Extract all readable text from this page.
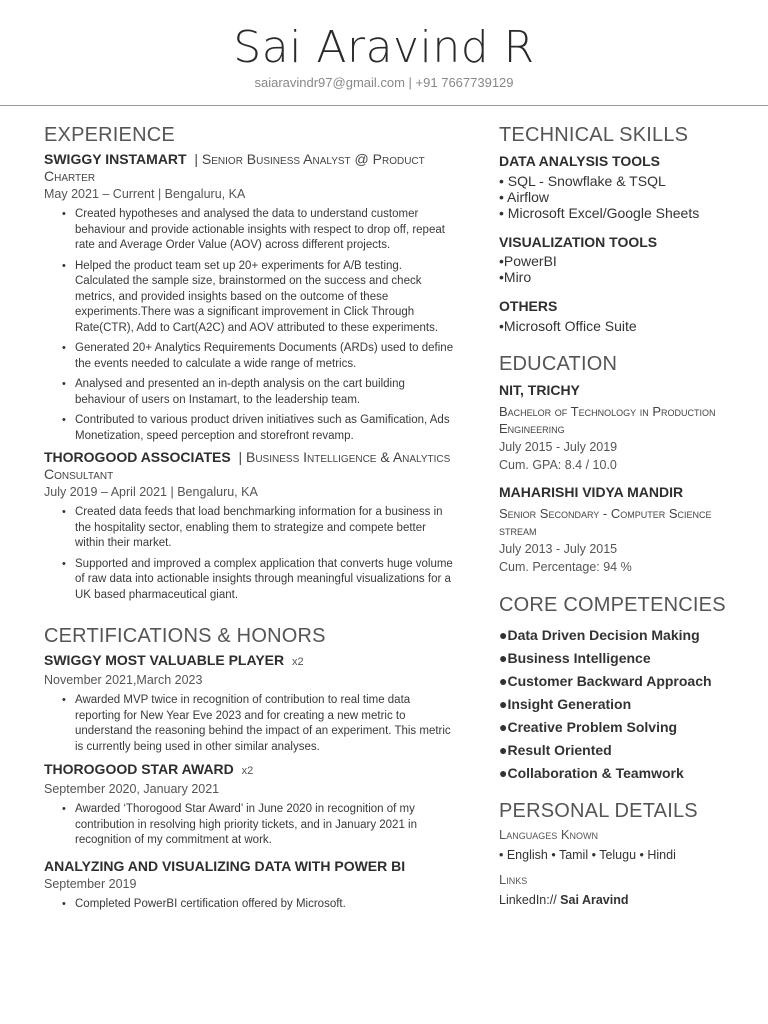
Sai Aravind R
saiaravindr97@gmail.com | +91 7667739129
EXPERIENCE
SWIGGY INSTAMART | Senior Business Analyst @ Product Charter
May 2021 – Current | Bengaluru, KA
• Created hypotheses and analysed the data to understand customer behaviour and provide actionable insights with respect to drop off, repeat rate and Average Order Value (AOV) across different projects.
• Helped the product team set up 20+ experiments for A/B testing. Calculated the sample size, brainstormed on the success and check metrics, and provided insights based on the outcome of these experiments.There was a significant improvement in Click Through Rate(CTR), Add to Cart(A2C) and AOV attributed to these experiments.
• Generated 20+ Analytics Requirements Documents (ARDs) used to define the events needed to calculate a wide range of metrics.
• Analysed and presented an in-depth analysis on the cart building behaviour of users on Instamart, to the leadership team.
• Contributed to various product driven initiatives such as Gamification, Ads Monetization, speed perception and storefront revamp.
THOROGOOD ASSOCIATES | Business Intelligence & Analytics Consultant
July 2019 – April 2021 | Bengaluru, KA
• Created data feeds that load benchmarking information for a business in the hospitality sector, enabling them to strategize and compete better within their market.
• Supported and improved a complex application that converts huge volume of raw data into actionable insights through meaningful visualizations for a UK based pharmaceutical giant.
CERTIFICATIONS & HONORS
SWIGGY MOST VALUABLE PLAYER x2
November 2021,March 2023
• Awarded MVP twice in recognition of contribution to real time data reporting for New Year Eve 2023 and for creating a new metric to understand the reasoning behind the impact of an experiment. This metric is currently being used in other similar analyses.
THOROGOOD STAR AWARD x2
September 2020, January 2021
• Awarded ‘Thorogood Star Award’ in June 2020 in recognition of my contribution in resolving high priority tickets, and in January 2021 in recognition of my commitment at work.
ANALYZING AND VISUALIZING DATA WITH POWER BI
September 2019
• Completed PowerBI certification offered by Microsoft.
TECHNICAL SKILLS
DATA ANALYSIS TOOLS
• SQL - Snowflake & TSQL
• Airflow
• Microsoft Excel/Google Sheets
VISUALIZATION TOOLS
•PowerBI
•Miro
OTHERS
•Microsoft Office Suite
EDUCATION
NIT, TRICHY
Bachelor of Technology in Production Engineering
July 2015 - July 2019
Cum. GPA: 8.4 / 10.0
MAHARISHI VIDYA MANDIR
Senior Secondary - Computer Science stream
July 2013 - July 2015
Cum. Percentage: 94 %
CORE COMPETENCIES
●Data Driven Decision Making
●Business Intelligence
●Customer Backward Approach
●Insight Generation
●Creative Problem Solving
●Result Oriented
●Collaboration & Teamwork
PERSONAL DETAILS
Languages Known
• English • Tamil • Telugu • Hindi
Links
LinkedIn:// Sai Aravind
